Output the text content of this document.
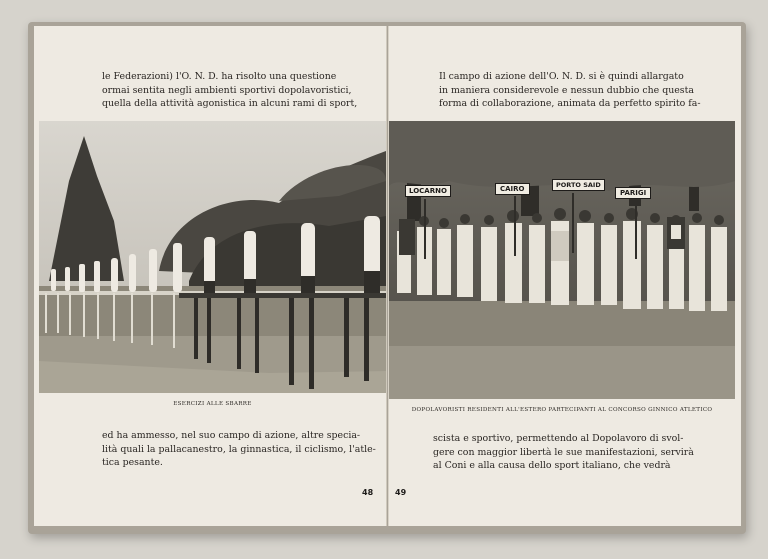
le Federazioni) l'O. N. D. ha risolto una questione

ormai sentita negli ambienti sportivi dopolavoristici,

quella della attività agonistica in alcuni rami di sport,

ESERCIZI ALLE SBARRE

ed ha ammesso, nel suo campo di azione, altre specia-

lità quali la pallacanestro, la ginnastica, il ciclismo, l'atle-

tica pesante.

48

Il campo di azione dell'O. N. D. si è quindi allargato

in maniera considerevole e nessun dubbio che questa

forma di collaborazione, animata da perfetto spirito fa-

LOCARNO	CAIRO	PORTO SAID
PARIGI
DOPOLAVORISTI RESIDENTI ALL'ESTERO PARTECIPANTI AL CONCORSO GINNICO ATLETICO

scista e sportivo, permettendo al Dopolavoro di svol-

gere con maggior libertà le sue manifestazioni, servirà

al Coni e alla causa dello sport italiano, che vedrà

49
